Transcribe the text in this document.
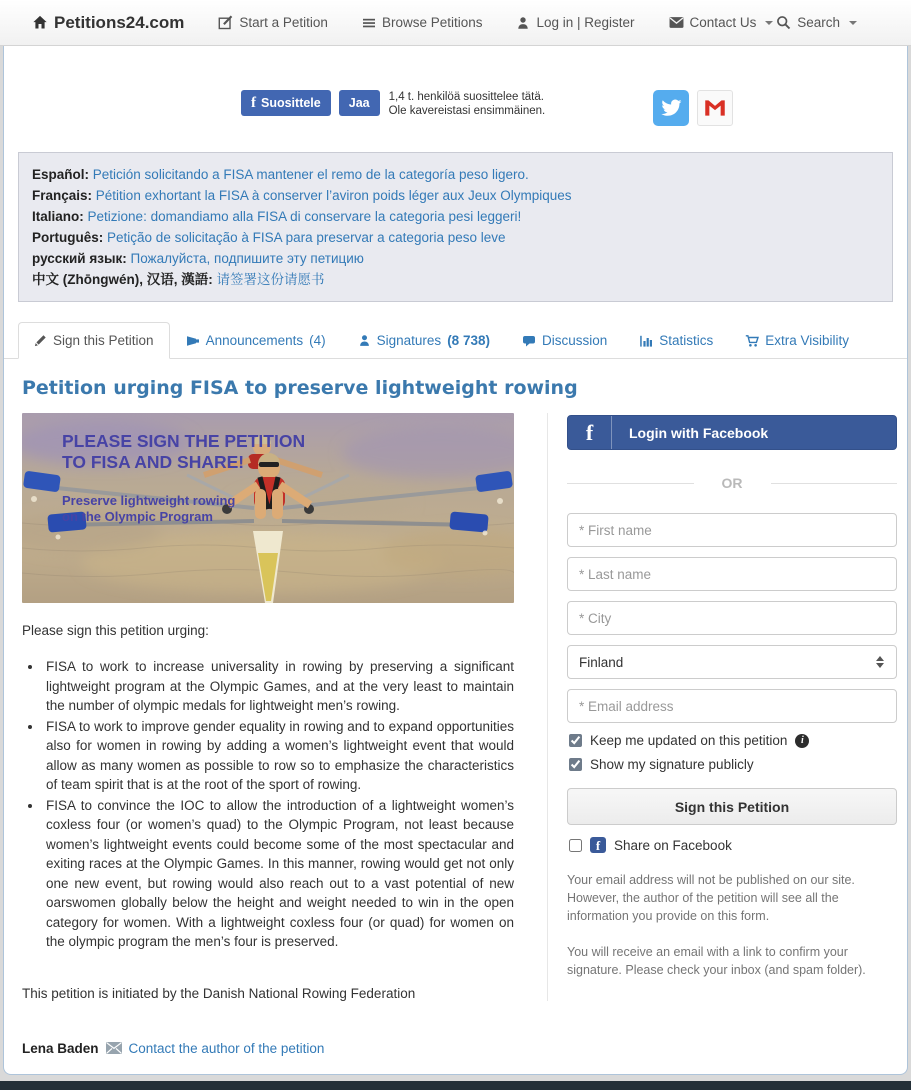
Petitions24.com	Start a Petition	Browse Petitions	Log in | Register	Contact Us	Search
f Suosittele Jaa 1,4 t. henkilöä suosittelee tätä.
Ole kavereistasi ensimmäinen.
Español: Petición solicitando a FISA mantener el remo de la categoría peso ligero.
Français: Pétition exhortant la FISA à conserver l’aviron poids léger aux Jeux Olympiques
Italiano: Petizione: domandiamo alla FISA di conservare la categoria pesi leggeri!
Português: Petição de solicitação à FISA para preservar a categoria peso leve
русский язык: Пожалуйста, подпишите эту петицию
中文 (Zhōngwén), 汉语, 漢語: 请签署这份请愿书
Sign this Petition	Announcements (4)	Signatures (8 738)	Discussion	Statistics	Extra Visibility
Petition urging FISA to preserve lightweight rowing
PLEASE SIGN THE PETITION
TO FISA AND SHARE!
Preserve lightweight rowing
on the Olympic Program

Please sign this petition urging:

• FISA to work to increase universality in rowing by preserving a significant lightweight program at the Olympic Games, and at the very least to maintain the number of olympic medals for lightweight men’s rowing.
• FISA to work to improve gender equality in rowing and to expand opportunities also for women in rowing by adding a women’s lightweight event that would allow as many women as possible to row so to emphasize the characteristics of team spirit that is at the root of the sport of rowing.
• FISA to convince the IOC to allow the introduction of a lightweight women’s coxless four (or women’s quad) to the Olympic Program, not least because women’s lightweight events could become some of the most spectacular and exiting races at the Olympic Games. In this manner, rowing would get not only one new event, but rowing would also reach out to a vast potential of new oarswomen globally below the height and weight needed to win in the open category for women. With a lightweight coxless four (or quad) for women on the olympic program the men’s four is preserved.

This petition is initiated by the Danish National Rowing Federation

f	Login with Facebook
OR
* First name
* Last name
* City
Finland
* Email address
Keep me updated on this petition	i
Show my signature publicly
Sign this Petition
f	Share on Facebook

Your email address will not be published on our site. However, the author of the petition will see all the information you provide on this form.

You will receive an email with a link to confirm your signature. Please check your inbox (and spam folder).

Lena Baden Contact the author of the petition
